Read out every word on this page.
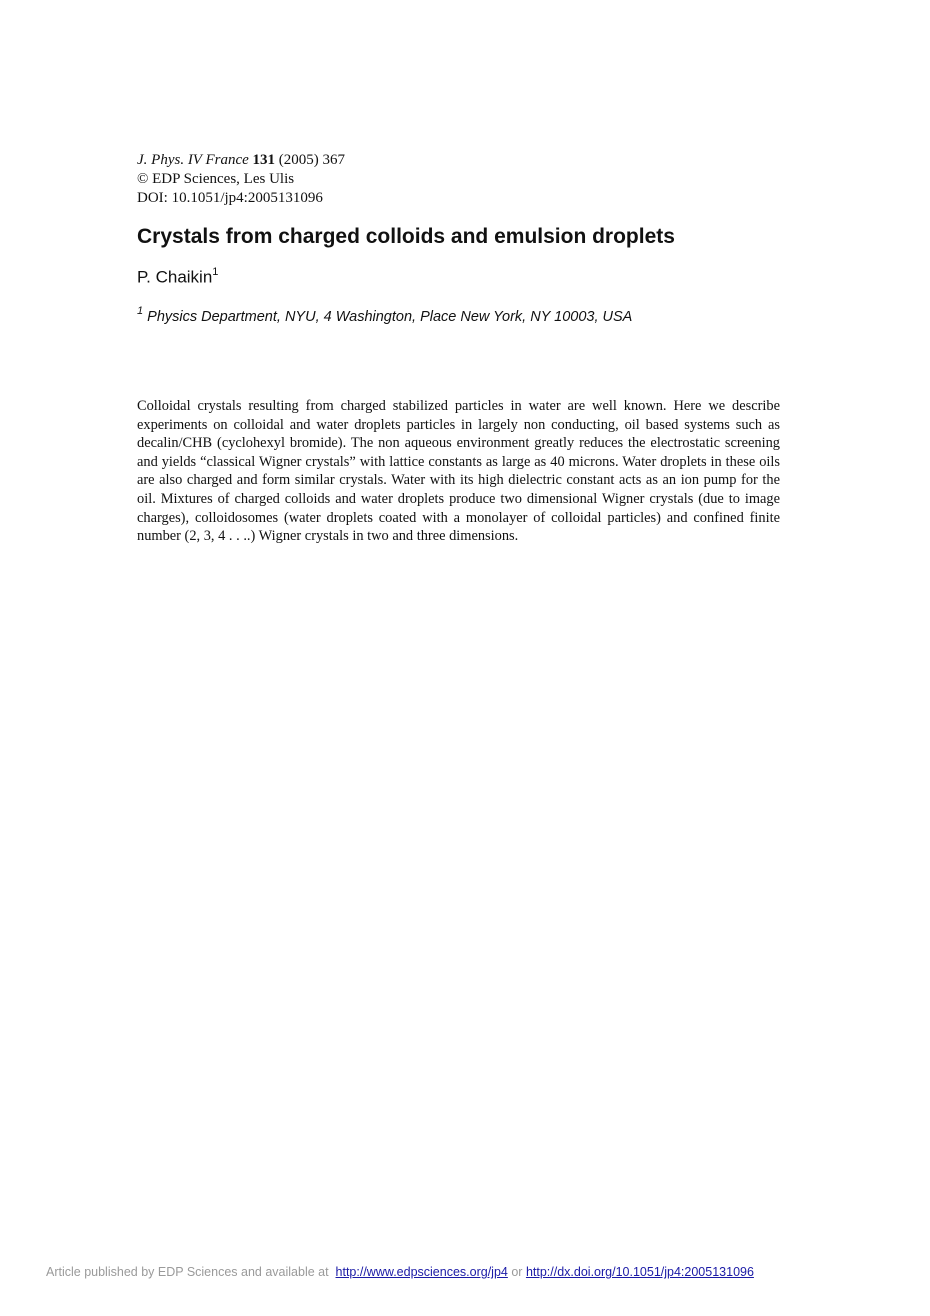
J. Phys. IV France 131 (2005) 367
© EDP Sciences, Les Ulis
DOI: 10.1051/jp4:2005131096
Crystals from charged colloids and emulsion droplets
P. Chaikin$^1$
$^1$ Physics Department, NYU, 4 Washington, Place New York, NY 10003, USA

Colloidal crystals resulting from charged stabilized particles in water are well known. Here we describe experiments on colloidal and water droplets particles in largely non conducting, oil based systems such as decalin/CHB (cyclohexyl bromide). The non aqueous environment greatly reduces the electrostatic screening and yields “classical Wigner crystals” with lattice constants as large as 40 microns. Water droplets in these oils are also charged and form similar crystals. Water with its high dielectric constant acts as an ion pump for the oil. Mixtures of charged colloids and water droplets produce two dimensional Wigner crystals (due to image charges), colloidosomes (water droplets coated with a monolayer of colloidal particles) and confined finite number (2, 3, 4 . . ..) Wigner crystals in two and three dimensions.

Article published by EDP Sciences and available at http://www.edpsciences.org/jp4 or http://dx.doi.org/10.1051/jp4:2005131096
